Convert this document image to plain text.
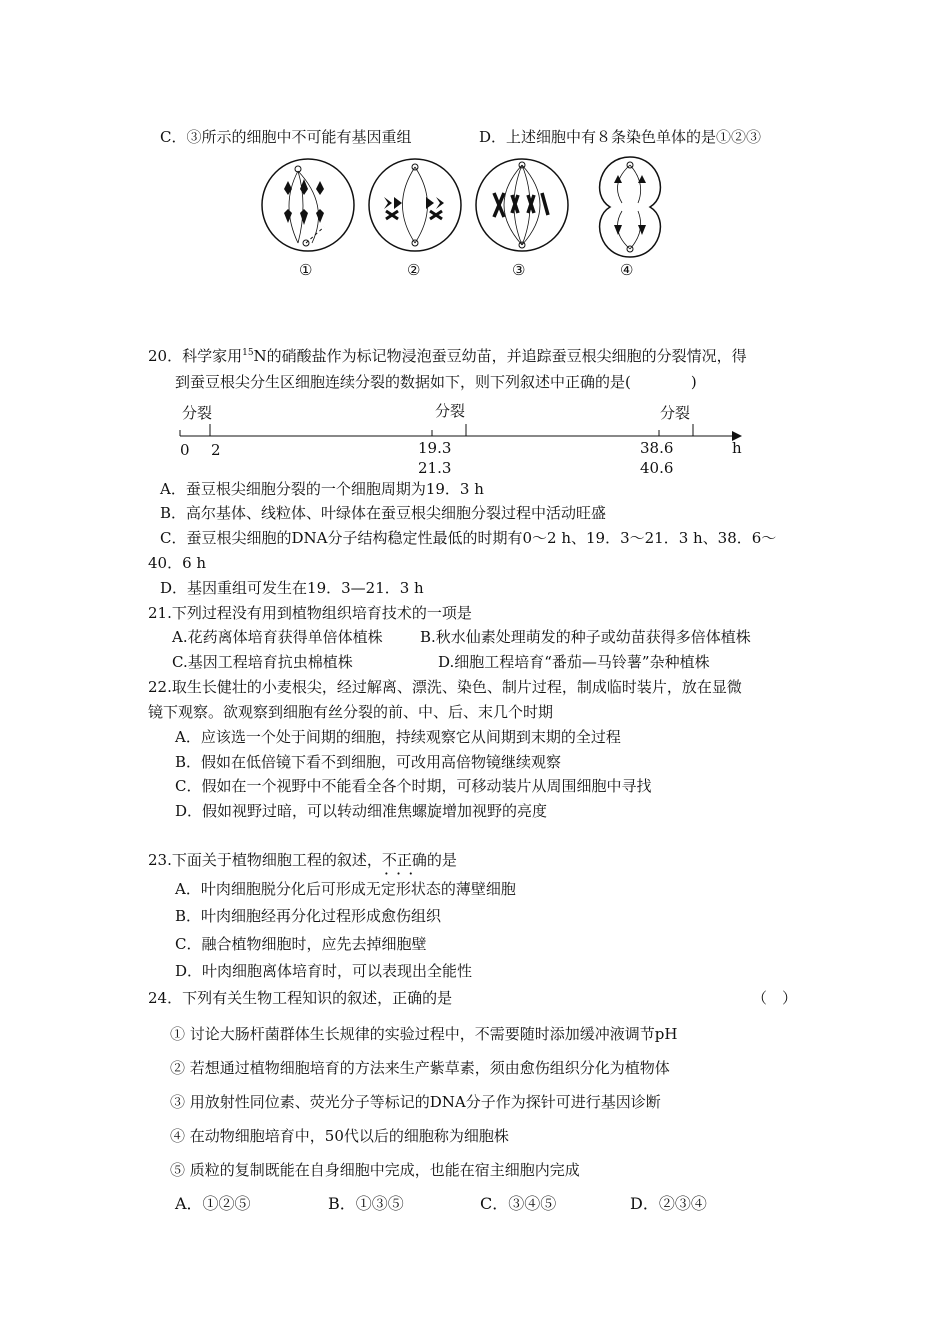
C．③所示的细胞中不可能有基因重组	D．上述细胞中有８条染色单体的是①②③
①	②	③	④
20．科学家用$^{15}$N的硝酸盐作为标记物浸泡蚕豆幼苗，并追踪蚕豆根尖细胞的分裂情况，得
到蚕豆根尖分生区细胞连续分裂的数据如下，则下列叙述中正确的是(　　　　)
分裂	分裂	分裂
0 2	19.3
21.3
38.6
40.6
h
A．蚕豆根尖细胞分裂的一个细胞周期为19．3 h
B．高尔基体、线粒体、叶绿体在蚕豆根尖细胞分裂过程中活动旺盛
C．蚕豆根尖细胞的DNA分子结构稳定性最低的时期有0～2 h、19．3～21．3 h、38．6～
40．6 h
D．基因重组可发生在19．3—21．3 h
21.下列过程没有用到植物组织培育技术的一项是
A.花药离体培育获得单倍体植株 B.秋水仙素处理萌发的种子或幼苗获得多倍体植株
C.基因工程培育抗虫棉植株	D.细胞工程培育“番茄—马铃薯”杂种植株
22.取生长健壮的小麦根尖，经过解离、漂洗、染色、制片过程，制成临时装片，放在显微
镜下观察。欲观察到细胞有丝分裂的前、中、后、末几个时期
A．应该选一个处于间期的细胞，持续观察它从间期到末期的全过程
B．假如在低倍镜下看不到细胞，可改用高倍物镜继续观察
C．假如在一个视野中不能看全各个时期，可移动装片从周围细胞中寻找
D．假如视野过暗，可以转动细准焦螺旋增加视野的亮度
23.下面关于植物细胞工程的叙述，不正确 · · ·的是
A．叶肉细胞脱分化后可形成无定形状态的薄壁细胞
B．叶肉细胞经再分化过程形成愈伤组织
C．融合植物细胞时，应先去掉细胞壁
D．叶肉细胞离体培育时，可以表现出全能性
24．下列有关生物工程知识的叙述，正确的是	（　）
① 讨论大肠杆菌群体生长规律的实验过程中，不需要随时添加缓冲液调节pH
② 若想通过植物细胞培育的方法来生产紫草素，须由愈伤组织分化为植物体
③ 用放射性同位素、荧光分子等标记的DNA分子作为探针可进行基因诊断
④ 在动物细胞培育中，50代以后的细胞称为细胞株
⑤ 质粒的复制既能在自身细胞中完成，也能在宿主细胞内完成
A．①②⑤	B．①③⑤	C．③④⑤	D．②③④
